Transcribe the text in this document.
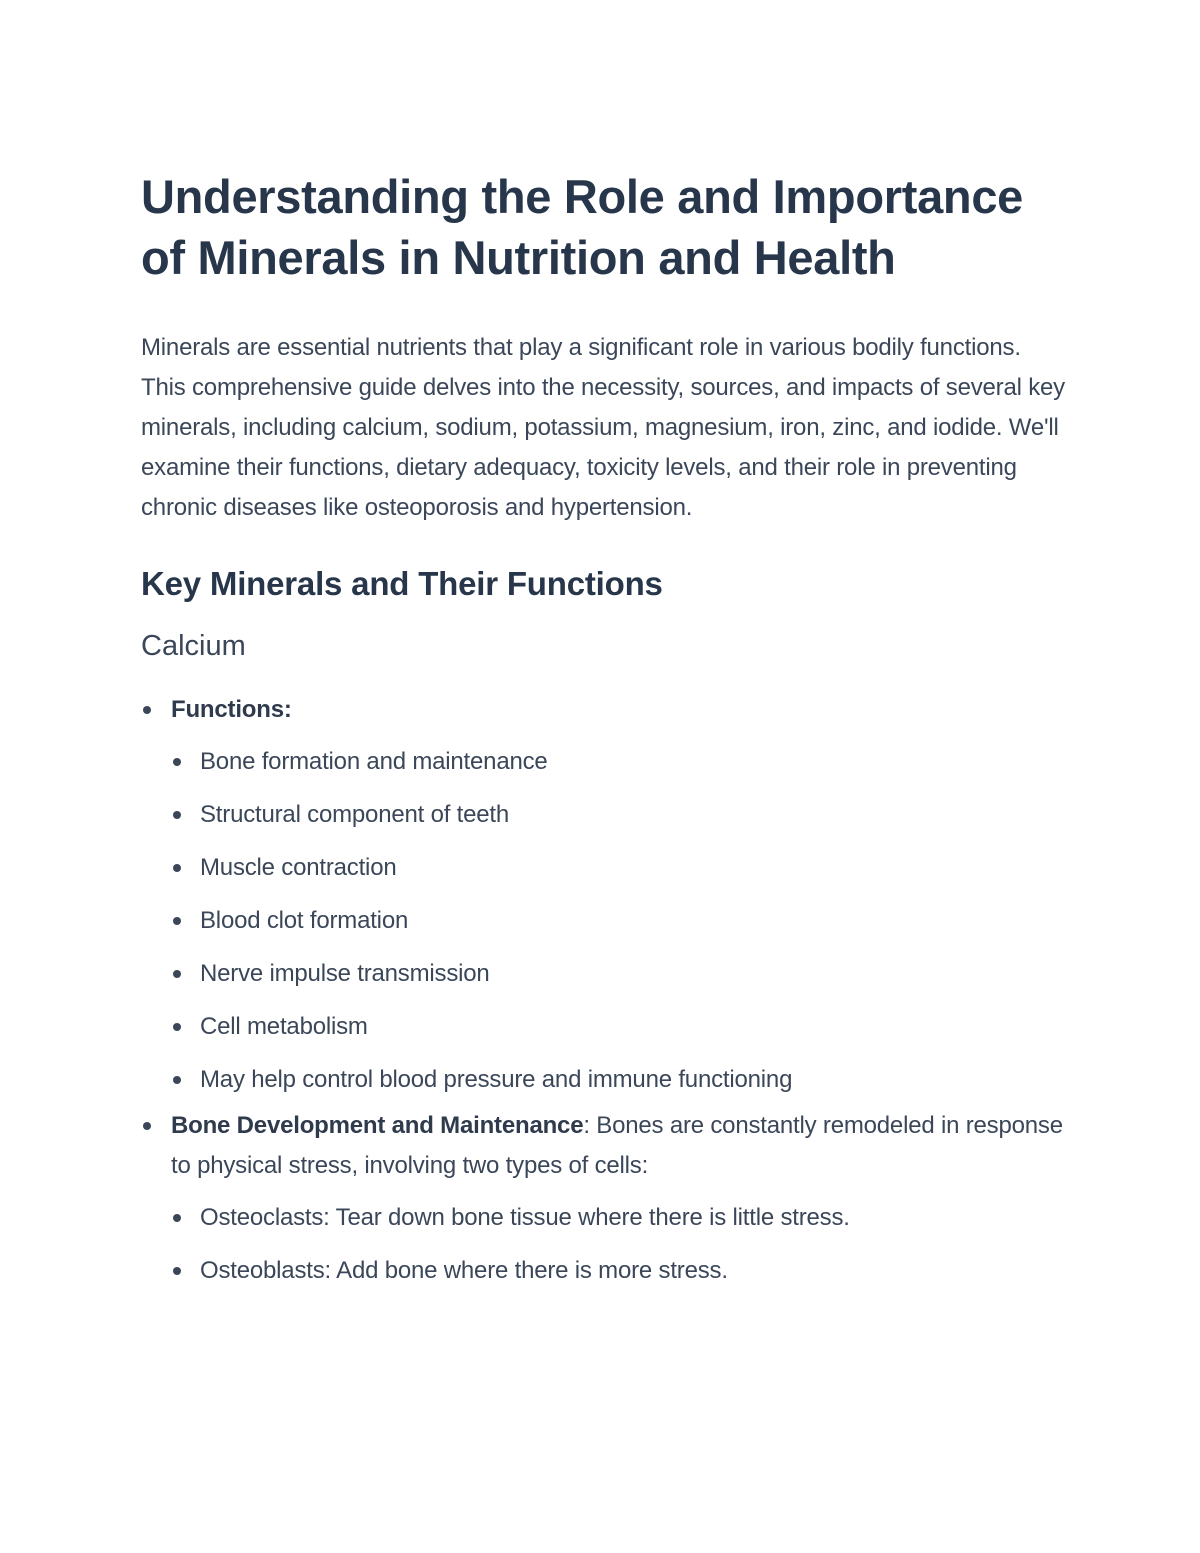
Understanding the Role and Importance of Minerals in Nutrition and Health

Minerals are essential nutrients that play a significant role in various bodily functions. This comprehensive guide delves into the necessity, sources, and impacts of several key minerals, including calcium, sodium, potassium, magnesium, iron, zinc, and iodide. We'll examine their functions, dietary adequacy, toxicity levels, and their role in preventing chronic diseases like osteoporosis and hypertension.

Key Minerals and Their Functions
Calcium
Functions:
Bone formation and maintenance
Structural component of teeth
Muscle contraction
Blood clot formation
Nerve impulse transmission
Cell metabolism
May help control blood pressure and immune functioning
Bone Development and Maintenance: Bones are constantly remodeled in response to physical stress, involving two types of cells:
Osteoclasts: Tear down bone tissue where there is little stress.
Osteoblasts: Add bone where there is more stress.
